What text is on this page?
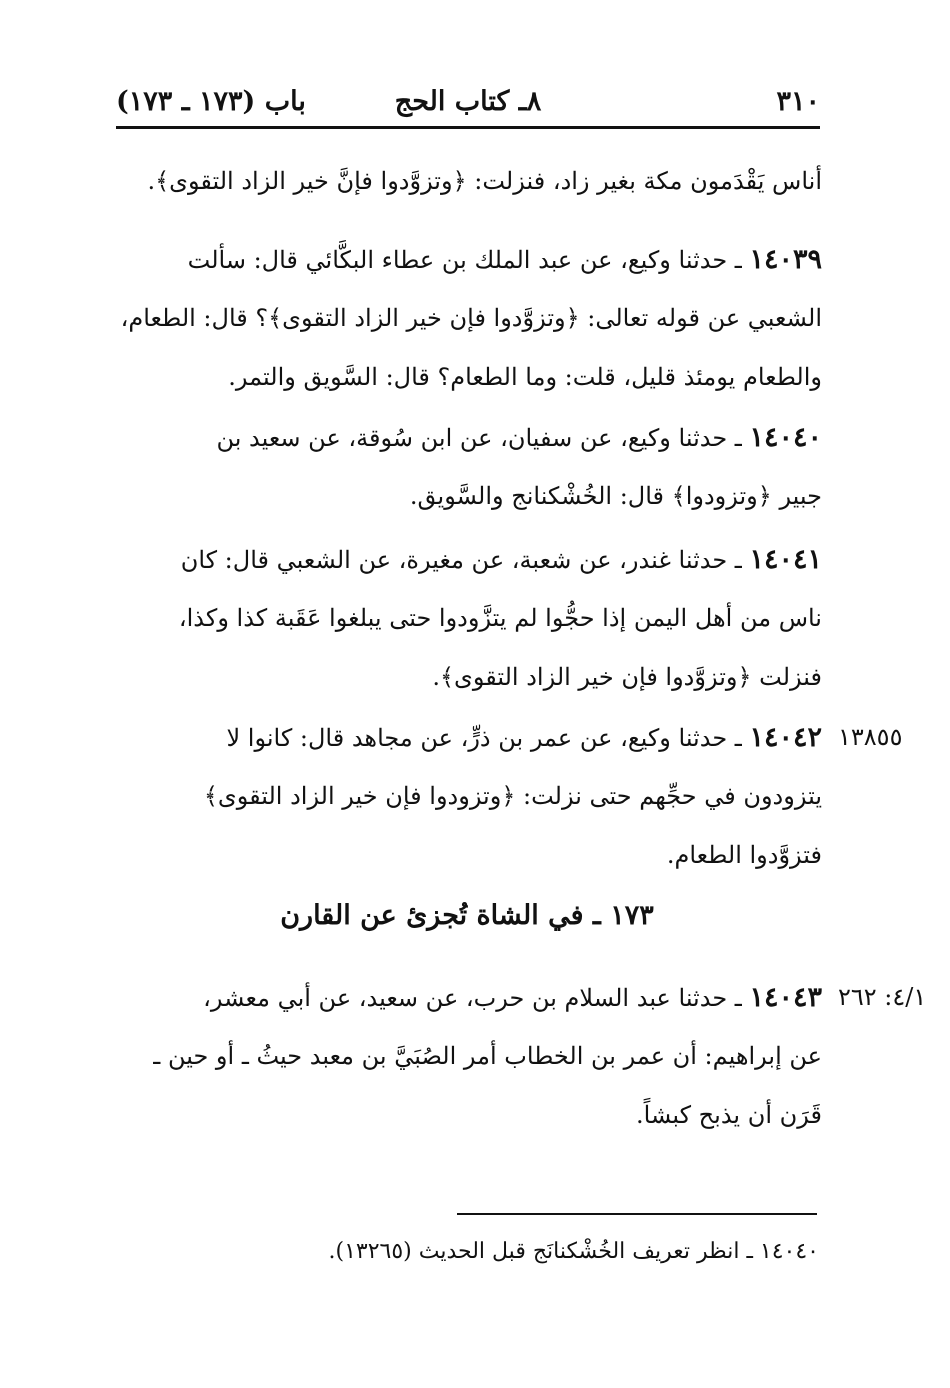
باب (١٧٣ ـ ١٧٣)	٨ـ كتاب الحج	٣١٠
أناس يَقْدَمون مكة بغير زاد، فنزلت: ﴿وتزوَّدوا فإنَّ خير الزاد التقوى﴾.
١٤٠٣٩ ـ حدثنا وكيع، عن عبد الملك بن عطاء البكَّائي قال: سألت
الشعبي عن قوله تعالى: ﴿وتزوَّدوا فإن خير الزاد التقوى﴾؟ قال: الطعام،
والطعام يومئذ قليل، قلت: وما الطعام؟ قال: السَّويق والتمر.
١٤٠٤٠ ـ حدثنا وكيع، عن سفيان، عن ابن سُوقة، عن سعيد بن
جبير ﴿وتزودوا﴾ قال: الخُشْكنانج والسَّويق.
١٤٠٤١ ـ حدثنا غندر، عن شعبة، عن مغيرة، عن الشعبي قال: كان
ناس من أهل اليمن إذا حجُّوا لم يتزَّودوا حتى يبلغوا عَقَبة كذا وكذا،
فنزلت ﴿وتزوَّدوا فإن خير الزاد التقوى﴾.
١٣٨٥٥
١٤٠٤٢ ـ حدثنا وكيع، عن عمر بن ذرٍّ، عن مجاهد قال: كانوا لا
يتزودون في حجِّهم حتى نزلت: ﴿وتزودوا فإن خير الزاد التقوى﴾
فتزوَّدوا الطعام.
١٧٣ ـ في الشاة تُجزئ عن القارن
٤/١: ٢٦٢
١٤٠٤٣ ـ حدثنا عبد السلام بن حرب، عن سعيد، عن أبي معشر،
عن إبراهيم: أن عمر بن الخطاب أمر الصُبَيَّ بن معبد حيثُ ـ أو حين ـ
قَرَن أن يذبح كبشاً.
١٤٠٤٠ ـ انظر تعريف الخُشْكنانَج قبل الحديث (١٣٢٦٥).
